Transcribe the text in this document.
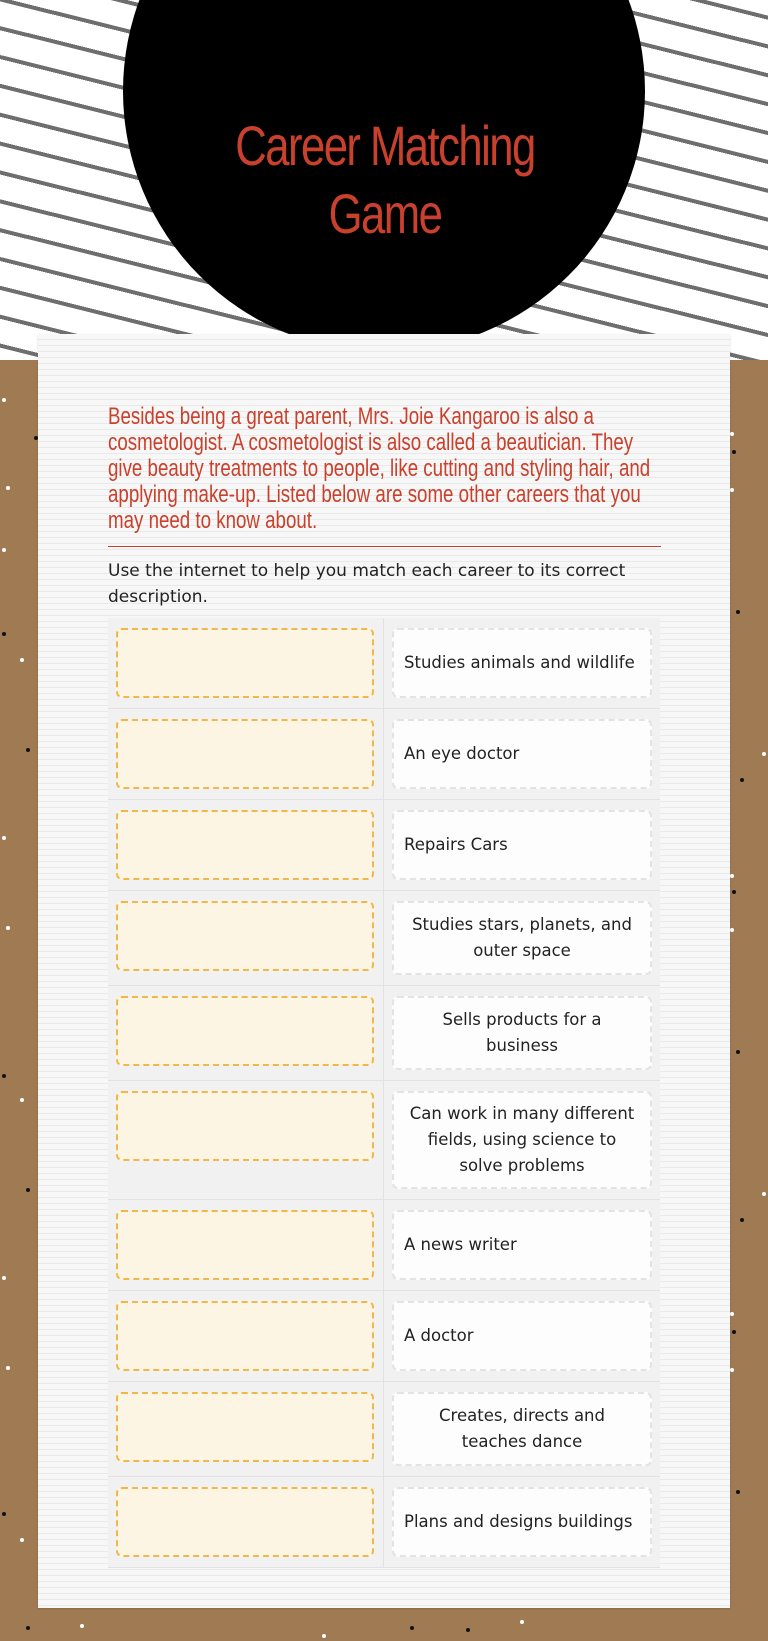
Career Matching Game

Besides being a great parent, Mrs. Joie Kangaroo is also a cosmetologist. A cosmetologist is also called a beautician. They give beauty treatments to people, like cutting and styling hair, and applying make-up. Listed below are some other careers that you may need to know about.

Use the internet to help you match each career to its correct description.

Studies animals and wildlife
An eye doctor
Repairs Cars
Studies stars, planets, and outer space
Sells products for a business
Can work in many different fields, using science to solve problems
A news writer
A doctor
Creates, directs and teaches dance
Plans and designs buildings
